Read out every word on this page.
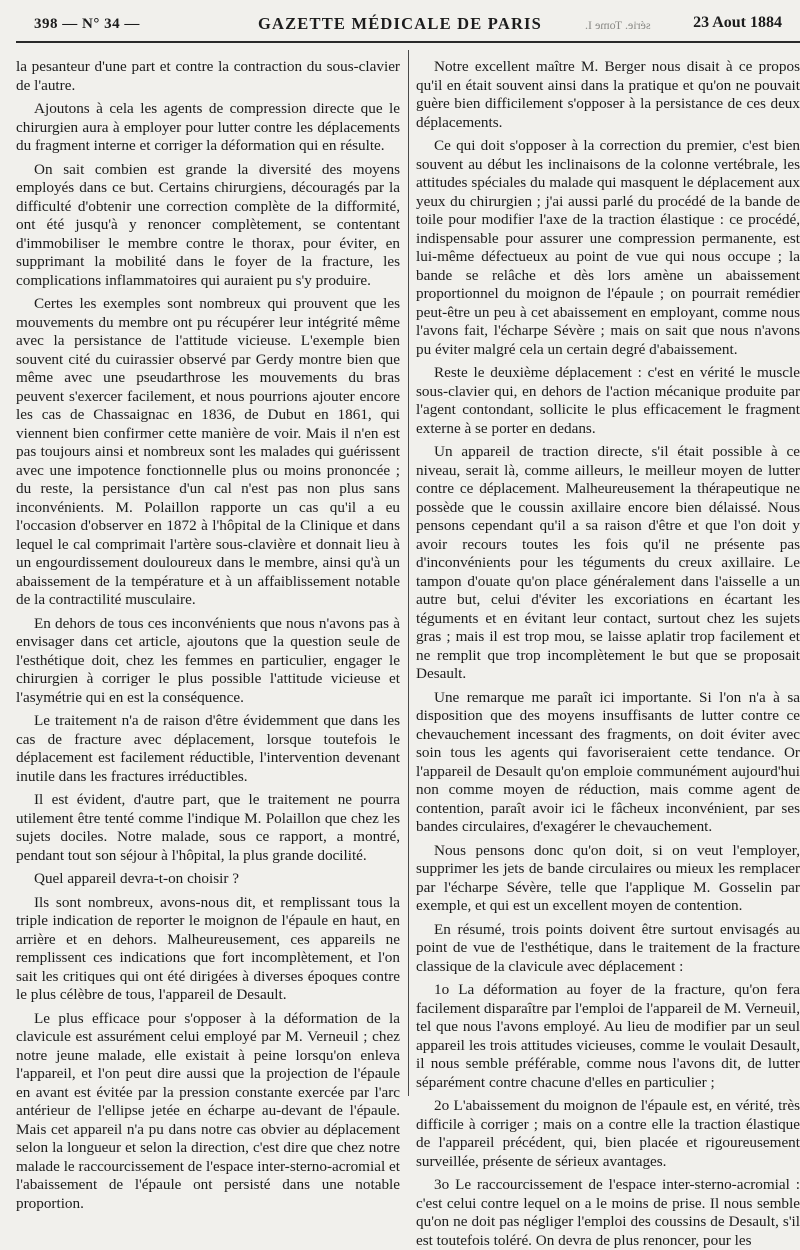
398 — N° 34 —	GAZETTE MÉDICALE DE PARIS	série. Tome I.	23 Aout 1884

la pesanteur d'une part et contre la contraction du sous-clavier de l'autre.

Ajoutons à cela les agents de compression directe que le chirurgien aura à employer pour lutter contre les déplacements du fragment interne et corriger la déformation qui en résulte.

On sait combien est grande la diversité des moyens employés dans ce but. Certains chirurgiens, découragés par la difficulté d'obtenir une correction complète de la difformité, ont été jusqu'à y renoncer complètement, se contentant d'immobiliser le membre contre le thorax, pour éviter, en supprimant la mobilité dans le foyer de la fracture, les complications inflammatoires qui auraient pu s'y produire.

Certes les exemples sont nombreux qui prouvent que les mouvements du membre ont pu récupérer leur intégrité même avec la persistance de l'attitude vicieuse. L'exemple bien souvent cité du cuirassier observé par Gerdy montre bien que même avec une pseudarthrose les mouvements du bras peuvent s'exercer facilement, et nous pourrions ajouter encore les cas de Chassaignac en 1836, de Dubut en 1861, qui viennent bien confirmer cette manière de voir. Mais il n'en est pas toujours ainsi et nombreux sont les malades qui guérissent avec une impotence fonctionnelle plus ou moins prononcée ; du reste, la persistance d'un cal n'est pas non plus sans inconvénients. M. Polaillon rapporte un cas qu'il a eu l'occasion d'observer en 1872 à l'hôpital de la Clinique et dans lequel le cal comprimait l'artère sous-clavière et donnait lieu à un engourdissement douloureux dans le membre, ainsi qu'à un abaissement de la température et à un affaiblissement notable de la contractilité musculaire.

En dehors de tous ces inconvénients que nous n'avons pas à envisager dans cet article, ajoutons que la question seule de l'esthétique doit, chez les femmes en particulier, engager le chirurgien à corriger le plus possible l'attitude vicieuse et l'asymétrie qui en est la conséquence.

Le traitement n'a de raison d'être évidemment que dans les cas de fracture avec déplacement, lorsque toutefois le déplacement est facilement réductible, l'intervention devenant inutile dans les fractures irréductibles.

Il est évident, d'autre part, que le traitement ne pourra utilement être tenté comme l'indique M. Polaillon que chez les sujets dociles. Notre malade, sous ce rapport, a montré, pendant tout son séjour à l'hôpital, la plus grande docilité.

Quel appareil devra-t-on choisir ?

Ils sont nombreux, avons-nous dit, et remplissant tous la triple indication de reporter le moignon de l'épaule en haut, en arrière et en dehors. Malheureusement, ces appareils ne remplissent ces indications que fort incomplètement, et l'on sait les critiques qui ont été dirigées à diverses époques contre le plus célèbre de tous, l'appareil de Desault.

Le plus efficace pour s'opposer à la déformation de la clavicule est assurément celui employé par M. Verneuil ; chez notre jeune malade, elle existait à peine lorsqu'on enleva l'appareil, et l'on peut dire aussi que la projection de l'épaule en avant est évitée par la pression constante exercée par l'arc antérieur de l'ellipse jetée en écharpe au-devant de l'épaule. Mais cet appareil n'a pu dans notre cas obvier au déplacement selon la longueur et selon la direction, c'est dire que chez notre malade le raccourcissement de l'espace inter-sterno-acromial et l'abaissement de l'épaule ont persisté dans une notable proportion.

Notre excellent maître M. Berger nous disait à ce propos qu'il en était souvent ainsi dans la pratique et qu'on ne pouvait guère bien difficilement s'opposer à la persistance de ces deux déplacements.

Ce qui doit s'opposer à la correction du premier, c'est bien souvent au début les inclinaisons de la colonne vertébrale, les attitudes spéciales du malade qui masquent le déplacement aux yeux du chirurgien ; j'ai aussi parlé du procédé de la bande de toile pour modifier l'axe de la traction élastique : ce procédé, indispensable pour assurer une compression permanente, est lui-même défectueux au point de vue qui nous occupe ; la bande se relâche et dès lors amène un abaissement proportionnel du moignon de l'épaule ; on pourrait remédier peut-être un peu à cet abaissement en employant, comme nous l'avons fait, l'écharpe Sévère ; mais on sait que nous n'avons pu éviter malgré cela un certain degré d'abaissement.

Reste le deuxième déplacement : c'est en vérité le muscle sous-clavier qui, en dehors de l'action mécanique produite par l'agent contondant, sollicite le plus efficacement le fragment externe à se porter en dedans.

Un appareil de traction directe, s'il était possible à ce niveau, serait là, comme ailleurs, le meilleur moyen de lutter contre ce déplacement. Malheureusement la thérapeutique ne possède que le coussin axillaire encore bien délaissé. Nous pensons cependant qu'il a sa raison d'être et que l'on doit y avoir recours toutes les fois qu'il ne présente pas d'inconvénients pour les téguments du creux axillaire. Le tampon d'ouate qu'on place généralement dans l'aisselle a un autre but, celui d'éviter les excoriations en écartant les téguments et en évitant leur contact, surtout chez les sujets gras ; mais il est trop mou, se laisse aplatir trop facilement et ne remplit que trop incomplètement le but que se proposait Desault.

Une remarque me paraît ici importante. Si l'on n'a à sa disposition que des moyens insuffisants de lutter contre ce chevauchement incessant des fragments, on doit éviter avec soin tous les agents qui favoriseraient cette tendance. Or l'appareil de Desault qu'on emploie communément aujourd'hui non comme moyen de réduction, mais comme agent de contention, paraît avoir ici le fâcheux inconvénient, par ses bandes circulaires, d'exagérer le chevauchement.

Nous pensons donc qu'on doit, si on veut l'employer, supprimer les jets de bande circulaires ou mieux les remplacer par l'écharpe Sévère, telle que l'applique M. Gosselin par exemple, et qui est un excellent moyen de contention.

En résumé, trois points doivent être surtout envisagés au point de vue de l'esthétique, dans le traitement de la fracture classique de la clavicule avec déplacement :

1o La déformation au foyer de la fracture, qu'on fera facilement disparaître par l'emploi de l'appareil de M. Verneuil, tel que nous l'avons employé. Au lieu de modifier par un seul appareil les trois attitudes vicieuses, comme le voulait Desault, il nous semble préférable, comme nous l'avons dit, de lutter séparément contre chacune d'elles en particulier ;

2o L'abaissement du moignon de l'épaule est, en vérité, très difficile à corriger ; mais on a contre elle la traction élastique de l'appareil précédent, qui, bien placée et rigoureusement surveillée, présente de sérieux avantages.

3o Le raccourcissement de l'espace inter-sterno-acromial : c'est celui contre lequel on a le moins de prise. Il nous semble qu'on ne doit pas négliger l'emploi des coussins de Desault, s'il est toutefois toléré. On devra de plus renoncer, pour les
